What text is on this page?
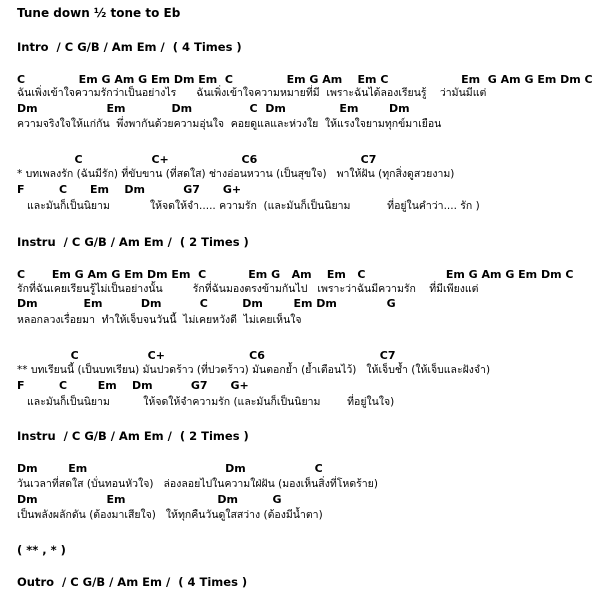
Tune down ½ tone to Eb
Intro  / C G/B / Am Em /  ( 4 Times )
C              Em G Am G Em Dm Em  C              Em G Am    Em C                   Em  G Am G Em Dm C
ฉันเพิ่งเข้าใจความรักว่าเป็นอย่างไร      ฉันเพิ่งเข้าใจความหมายที่มี  เพราะฉันได้ลองเรียนรู้    ว่ามันมีแต่
Dm                  Em            Dm               C  Dm              Em        Dm
ความจริงใจให้แก่กัน  พึ่งพากันด้วยความอุ่นใจ  คอยดูแลและห่วงใย  ให้แรงใจยามทุกข์มาเยือน
C                  C+                   C6                           C7
* บทเพลงรัก (ฉันมีรัก) ที่ขับขาน (ที่สดใส) ช่างอ่อนหวาน (เป็นสุขใจ)   พาให้ฝัน (ทุกสิ่งดูสวยงาม)
F         C      Em    Dm          G7      G+
และมันก็เป็นนิยาม            ให้จดให้จำ..... ความรัก  (และมันก็เป็นนิยาม           ที่อยู่ในคำว่า.... รัก )
Instru  / C G/B / Am Em /  ( 2 Times )
C       Em G Am G Em Dm Em  C           Em G   Am    Em   C                     Em G Am G Em Dm C
รักที่ฉันเคยเรียนรู้ไม่เป็นอย่างนั้น         รักที่ฉันมองตรงข้ามกันไป   เพราะว่าฉันมีความรัก    ที่มีเพียงแต่
Dm            Em          Dm          C         Dm        Em Dm             G
หลอกลวงเรื่อยมา  ทำให้เจ็บจนวันนี้  ไม่เคยหวังดี  ไม่เคยเห็นใจ
C                  C+                      C6                              C7
** บทเรียนนี้ (เป็นบทเรียน) มันปวดร้าว (ที่ปวดร้าว) มันตอกย้ำ (ย้ำเตือนไว้)   ให้เจ็บช้ำ (ให้เจ็บและฝังจำ)
F         C        Em    Dm          G7      G+
และมันก็เป็นนิยาม          ให้จดให้จำความรัก (และมันก็เป็นนิยาม        ที่อยู่ในใจ)
Instru  / C G/B / Am Em /  ( 2 Times )
Dm        Em                                    Dm                  C
วันเวลาที่สดใส (บั่นทอนหัวใจ)   ล่องลอยไปในความใฝ่ฝัน (มองเห็นสิ่งที่โหดร้าย)
Dm                  Em                        Dm         G
เป็นพลังผลักดัน (ต้องมาเสียใจ)   ให้ทุกคืนวันดูใสสว่าง (ต้องมีน้ำตา)
( ** , * )
Outro  / C G/B / Am Em /  ( 4 Times )
